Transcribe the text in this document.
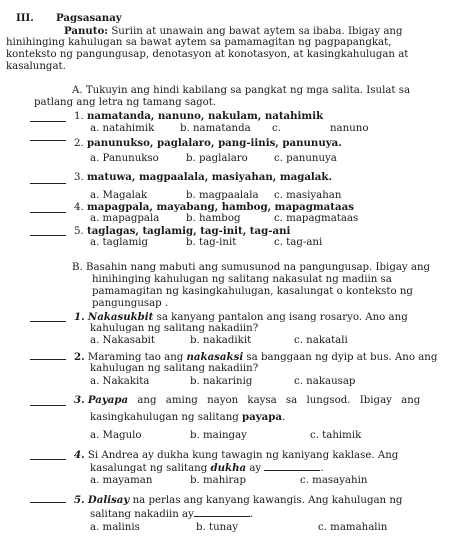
III. Pagsasanay
Panuto: Suriin at unawain ang bawat aytem sa ibaba. Ibigay ang
hinihinging kahulugan sa bawat aytem sa pamamagitan ng pagpapangkat,
konteksto ng pangungusap, denotasyon at konotasyon, at kasingkahulugan at
kasalungat.
A. Tukuyin ang hindi kabilang sa pangkat ng mga salita. Isulat sa
patlang ang letra ng tamang sagot.
1. namatanda, nanuno, nakulam, natahimik
a. natahimik	b. namatanda c.	nanuno
2. panunukso, paglalaro, pang-iinis, panunuya.
a. Panunukso	b. paglalaro	c. panunuya
3. matuwa, magpaalala, masiyahan, magalak.
a. Magalak	b. magpaalala c. masiyahan
4. mapagpala, mayabang, hambog, mapagmataas
a. mapagpala	b. hambog	c. mapagmataas
5. taglagas, taglamig, tag-init, tag-ani
a. taglamig	b. tag-init	c. tag-ani
B. Basahin nang mabuti ang sumusunod na pangungusap. Ibigay ang
hinihinging kahulugan ng salitang nakasulat ng madiin sa
pamamagitan ng kasingkahulugan, kasalungat o konteksto ng
pangungusap .
1. Nakasukbit sa kanyang pantalon ang isang rosaryo. Ano ang
kahulugan ng salitang nakadiin?
a. Nakasabit	b. nakadikit	c. nakatali
2. Maraming tao ang nakasaksi sa banggaan ng dyip at bus. Ano ang
kahulugan ng salitang nakadiin?
a. Nakakita	b. nakarinig	c. nakausap
3. Payapa ang aming nayon kaysa sa lungsod. Ibigay ang
kasingkahulugan ng salitang payapa.
a. Magulo	b. maingay	c. tahimik
4. Si Andrea ay dukha kung tawagin ng kaniyang kaklase. Ang
kasalungat ng salitang dukha ay	.
a. mayaman	b. mahirap	c. masayahin
5. Dalisay na perlas ang kanyang kawangis. Ang kahulugan ng
salitang nakadiin ay	.
a. malinis	b. tunay	c. mamahalin
